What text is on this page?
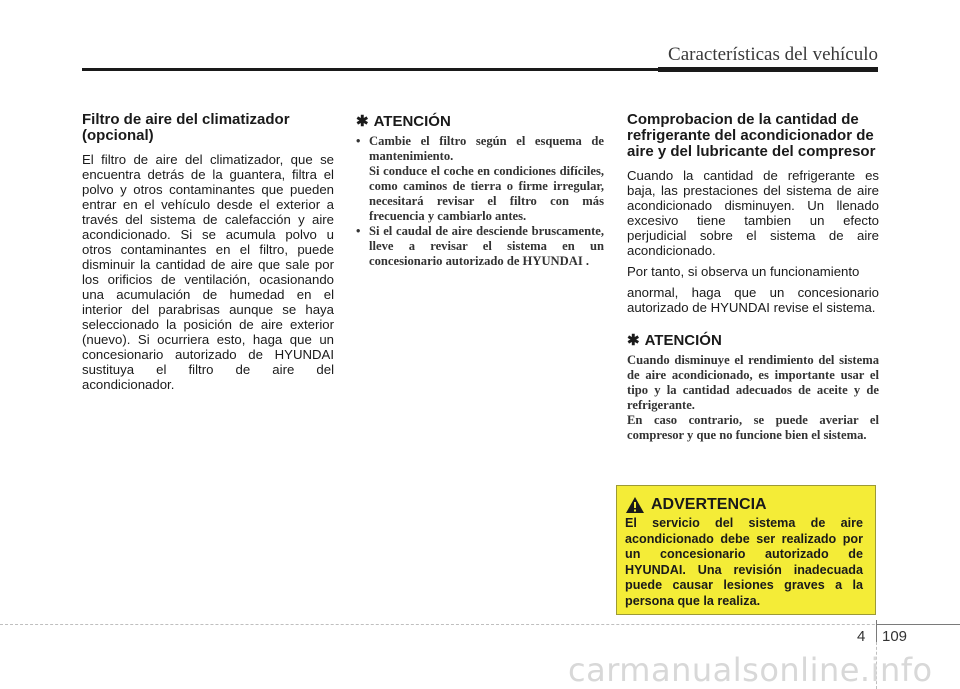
Características del vehículo
Filtro de aire del climatizador (opcional)

El filtro de aire del climatizador, que se encuentra detrás de la guantera, filtra el polvo y otros contaminantes que pueden entrar en el vehículo desde el exterior a través del sistema de calefacción y aire acondicionado. Si se acumula polvo u otros contaminantes en el filtro, puede disminuir la cantidad de aire que sale por los orificios de ventilación, ocasionando una acumulación de humedad en el interior del parabrisas aunque se haya seleccionado la posición de aire exterior (nuevo). Si ocurriera esto, haga que un concesionario autorizado de HYUNDAI sustituya el filtro de aire del acondicionador.

✱ ATENCIÓN
• Cambie el filtro según el esquema de mantenimiento.
Si conduce el coche en condiciones difíciles, como caminos de tierra o firme irregular, necesitará revisar el filtro con más frecuencia y cambiarlo antes.
• Si el caudal de aire desciende bruscamente, lleve a revisar el sistema en un concesionario autorizado de HYUNDAI .
Comprobacion de la cantidad de refrigerante del acondicionador de aire y del lubricante del compresor

Cuando la cantidad de refrigerante es baja, las prestaciones del sistema de aire acondicionado disminuyen. Un llenado excesivo tiene tambien un efecto perjudicial sobre el sistema de aire acondicionado.

Por tanto, si observa un funcionamiento

anormal, haga que un concesionario autorizado de HYUNDAI revise el sistema.

✱ ATENCIÓN

Cuando disminuye el rendimiento del sistema de aire acondicionado, es importante usar el tipo y la cantidad adecuados de aceite y de refrigerante.

En caso contrario, se puede averiar el compresor y que no funcione bien el sistema.

ADVERTENCIA

El servicio del sistema de aire acondicionado debe ser realizado por un concesionario autorizado de HYUNDAI. Una revisión inadecuada puede causar lesiones graves a la persona que la realiza.

4 109
carmanualsonline.info
